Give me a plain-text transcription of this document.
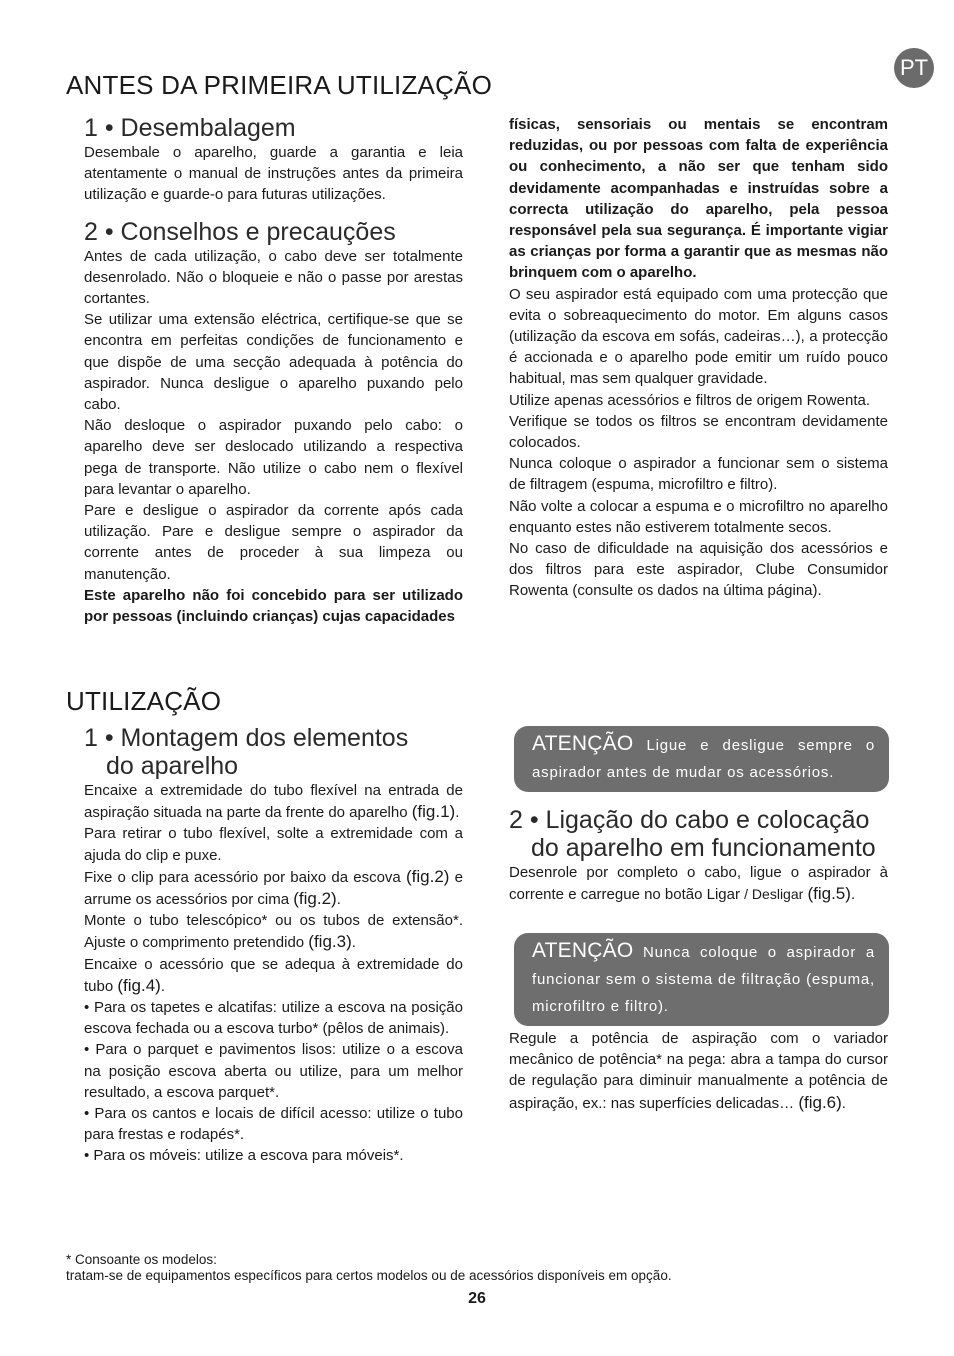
PT
ANTES DA PRIMEIRA UTILIZAÇÃO
1 • Desembalagem

Desembale o aparelho, guarde a garantia e leia atentamente o manual de instruções antes da primeira utilização e guarde-o para futuras utilizações.

2 • Conselhos e precauções

Antes de cada utilização, o cabo deve ser totalmente desenrolado. Não o bloqueie e não o passe por arestas cortantes.

Se utilizar uma extensão eléctrica, certifique-se que se encontra em perfeitas condições de funcionamento e que dispõe de uma secção adequada à potência do aspirador. Nunca desligue o aparelho puxando pelo cabo.

Não desloque o aspirador puxando pelo cabo: o aparelho deve ser deslocado utilizando a respectiva pega de transporte. Não utilize o cabo nem o flexível para levantar o aparelho.

Pare e desligue o aspirador da corrente após cada utilização. Pare e desligue sempre o aspirador da corrente antes de proceder à sua limpeza ou manutenção.

Este aparelho não foi concebido para ser utilizado por pessoas (incluindo crianças) cujas capacidades

físicas, sensoriais ou mentais se encontram reduzidas, ou por pessoas com falta de experiência ou conhecimento, a não ser que tenham sido devidamente acompanhadas e instruídas sobre a correcta utilização do aparelho, pela pessoa responsável pela sua segurança. É importante vigiar as crianças por forma a garantir que as mesmas não brinquem com o aparelho.

O seu aspirador está equipado com uma protecção que evita o sobreaquecimento do motor. Em alguns casos (utilização da escova em sofás, cadeiras…), a protecção é accionada e o aparelho pode emitir um ruído pouco habitual, mas sem qualquer gravidade.

Utilize apenas acessórios e filtros de origem Rowenta.

Verifique se todos os filtros se encontram devidamente colocados.

Nunca coloque o aspirador a funcionar sem o sistema de filtragem (espuma, microfiltro e filtro).

Não volte a colocar a espuma e o microfiltro no aparelho enquanto estes não estiverem totalmente secos.

No caso de dificuldade na aquisição dos acessórios e dos filtros para este aspirador, Clube Consumidor Rowenta (consulte os dados na última página).

UTILIZAÇÃO
1 • Montagem dos elementos
do aparelho

Encaixe a extremidade do tubo flexível na entrada de aspiração situada na parte da frente do aparelho (fig.1).

Para retirar o tubo flexível, solte a extremidade com a ajuda do clip e puxe.

Fixe o clip para acessório por baixo da escova (fig.2) e arrume os acessórios por cima (fig.2).

Monte o tubo telescópico* ou os tubos de extensão*. Ajuste o comprimento pretendido (fig.3).

Encaixe o acessório que se adequa à extremidade do tubo (fig.4).

• Para os tapetes e alcatifas: utilize a escova na posição escova fechada ou a escova turbo* (pêlos de animais).

• Para o parquet e pavimentos lisos: utilize o a escova na posição escova aberta ou utilize, para um melhor resultado, a escova parquet*.

• Para os cantos e locais de difícil acesso: utilize o tubo para frestas e rodapés*.

• Para os móveis: utilize a escova para móveis*.

ATENÇÃO Ligue e desligue sempre o aspirador antes de mudar os acessórios.
2 • Ligação do cabo e colocação
do aparelho em funcionamento

Desenrole por completo o cabo, ligue o aspirador à corrente e carregue no botão Ligar / Desligar (fig.5).

ATENÇÃO Nunca coloque o aspirador a funcionar sem o sistema de filtração (espuma, microfiltro e filtro).

Regule a potência de aspiração com o variador mecânico de potência* na pega: abra a tampa do cursor de regulação para diminuir manualmente a potência de aspiração, ex.: nas superfícies delicadas… (fig.6).

* Consoante os modelos:
tratam-se de equipamentos específicos para certos modelos ou de acessórios disponíveis em opção.
26
